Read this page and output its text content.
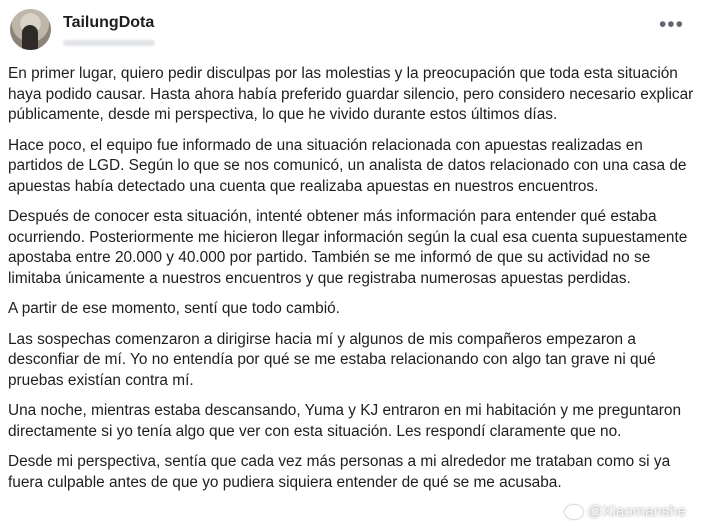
TailungDota	•••

En primer lugar, quiero pedir disculpas por las molestias y la preocupación que toda esta situación haya podido causar. Hasta ahora había preferido guardar silencio, pero considero necesario explicar públicamente, desde mi perspectiva, lo que he vivido durante estos últimos días.

Hace poco, el equipo fue informado de una situación relacionada con apuestas realizadas en partidos de LGD. Según lo que se nos comunicó, un analista de datos relacionado con una casa de apuestas había detectado una cuenta que realizaba apuestas en nuestros encuentros.

Después de conocer esta situación, intenté obtener más información para entender qué estaba ocurriendo. Posteriormente me hicieron llegar información según la cual esa cuenta supuestamente apostaba entre 20.000 y 40.000 por partido. También se me informó de que su actividad no se limitaba únicamente a nuestros encuentros y que registraba numerosas apuestas perdidas.

A partir de ese momento, sentí que todo cambió.

Las sospechas comenzaron a dirigirse hacia mí y algunos de mis compañeros empezaron a desconfiar de mí. Yo no entendía por qué se me estaba relacionando con algo tan grave ni qué pruebas existían contra mí.

Una noche, mientras estaba descansando, Yuma y KJ entraron en mi habitación y me preguntaron directamente si yo tenía algo que ver con esta situación. Les respondí claramente que no.

Desde mi perspectiva, sentía que cada vez más personas a mi alrededor me trataban como si ya fuera culpable antes de que yo pudiera siquiera entender de qué se me acusaba.

@Xiaomanshe
